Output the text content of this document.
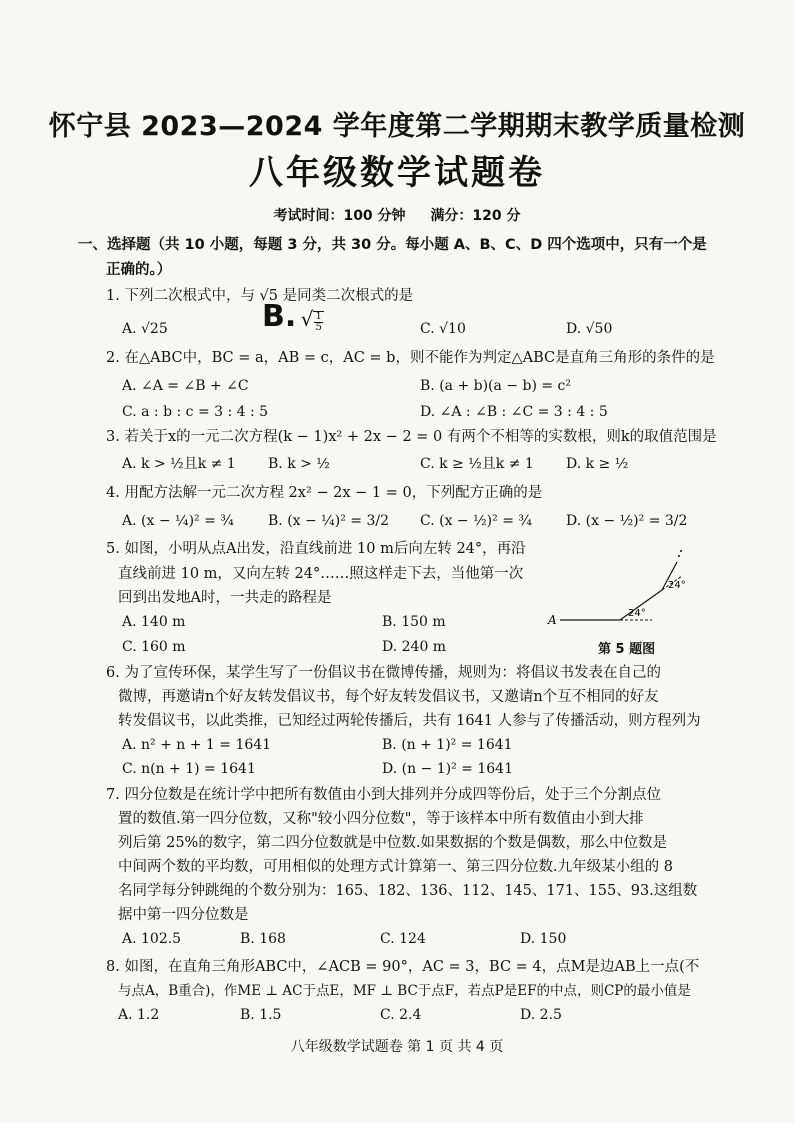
怀宁县 2023—2024 学年度第二学期期末教学质量检测
八年级数学试题卷
考试时间：100 分钟 满分：120 分
一、选择题（共 10 小题，每题 3 分，共 30 分。每小题 A、B、C、D 四个选项中，只有一个是
正确的。）
1. 下列二次根式中，与 √5 是同类二次根式的是
A. √25	B. √ $\frac{1}{5}$	C. √10	D. √50
2. 在△ABC中，BC = a，AB = c，AC = b，则不能作为判定△ABC是直角三角形的条件的是
A. ∠A = ∠B + ∠C	B. (a + b)(a − b) = c²
C. a : b : c = 3 : 4 : 5	D. ∠A : ∠B : ∠C = 3 : 4 : 5
3. 若关于x的一元二次方程(k − 1)x² + 2x − 2 = 0 有两个不相等的实数根，则k的取值范围是
A. k > ½且k ≠ 1 B. k > ½	C. k ≥ ½且k ≠ 1 D. k ≥ ½
4. 用配方法解一元二次方程 2x² − 2x − 1 = 0，下列配方正确的是
A. (x − ¼)² = ¾ B. (x − ¼)² = 3/2 C. (x − ½)² = ¾ D. (x − ½)² = 3/2
5. 如图，小明从点A出发，沿直线前进 10 m后向左转 24°，再沿
直线前进 10 m，又向左转 24°……照这样走下去，当他第一次
回到出发地A时，一共走的路程是
A. 140 m	B. 150 m
C. 160 m	D. 240 m
A	24°
24°
第 5 题图
6. 为了宣传环保，某学生写了一份倡议书在微博传播，规则为：将倡议书发表在自己的
微博，再邀请n个好友转发倡议书，每个好友转发倡议书，又邀请n个互不相同的好友
转发倡议书，以此类推，已知经过两轮传播后，共有 1641 人参与了传播活动，则方程列为
A. n² + n + 1 = 1641	B. (n + 1)² = 1641
C. n(n + 1) = 1641	D. (n − 1)² = 1641
7. 四分位数是在统计学中把所有数值由小到大排列并分成四等份后，处于三个分割点位
置的数值.第一四分位数，又称"较小四分位数"，等于该样本中所有数值由小到大排
列后第 25%的数字，第二四分位数就是中位数.如果数据的个数是偶数，那么中位数是
中间两个数的平均数，可用相似的处理方式计算第一、第三四分位数.九年级某小组的 8
名同学每分钟跳绳的个数分别为：165、182、136、112、145、171、155、93.这组数
据中第一四分位数是
A. 102.5	B. 168	C. 124	D. 150
8. 如图，在直角三角形ABC中，∠ACB = 90°，AC = 3，BC = 4，点M是边AB上一点(不
与点A，B重合)，作ME ⊥ AC于点E，MF ⊥ BC于点F，若点P是EF的中点，则CP的最小值是
A. 1.2	B. 1.5	C. 2.4	D. 2.5
八年级数学试题卷 第 1 页 共 4 页
